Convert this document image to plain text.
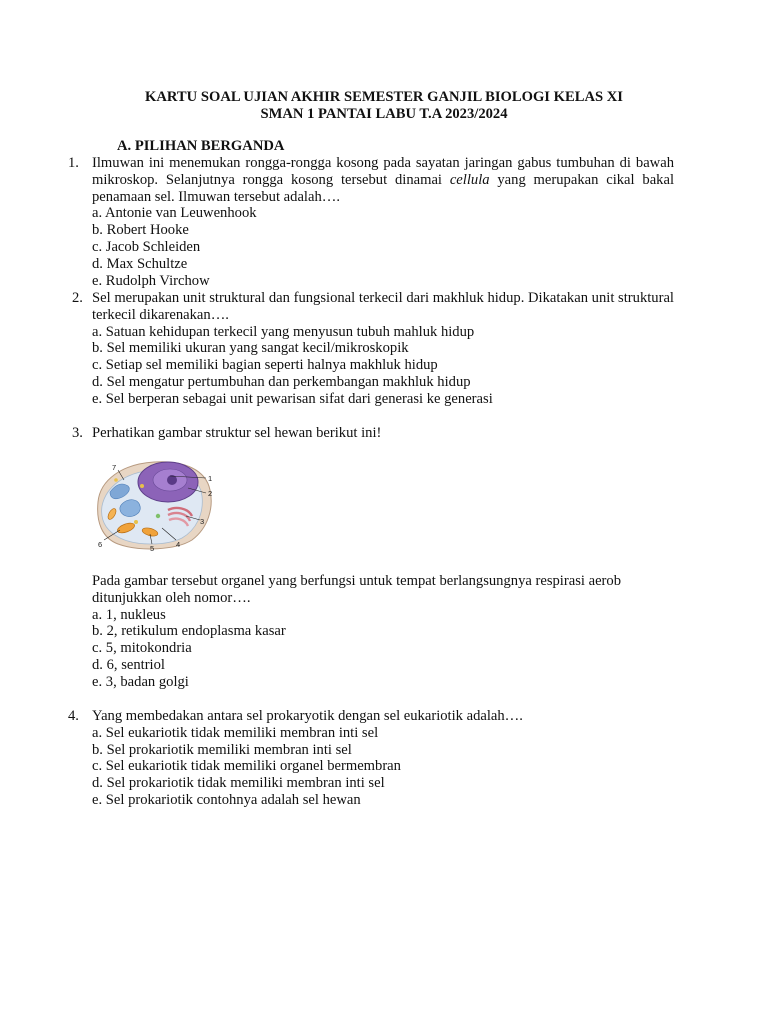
KARTU SOAL UJIAN AKHIR SEMESTER GANJIL BIOLOGI KELAS XI
SMAN 1 PANTAI LABU T.A 2023/2024
A. PILIHAN BERGANDA
1. Ilmuwan ini menemukan rongga-rongga kosong pada sayatan jaringan gabus tumbuhan di bawah mikroskop. Selanjutnya rongga kosong tersebut dinamai cellula yang merupakan cikal bakal penamaan sel. Ilmuwan tersebut adalah….
a. Antonie van Leuwenhook
b. Robert Hooke
c. Jacob Schleiden
d. Max Schultze
e. Rudolph Virchow
2. Sel merupakan unit struktural dan fungsional terkecil dari makhluk hidup. Dikatakan unit struktural terkecil dikarenakan….
a. Satuan kehidupan terkecil yang menyusun tubuh mahluk hidup
b. Sel memiliki ukuran yang sangat kecil/mikroskopik
c. Setiap sel memiliki bagian seperti halnya makhluk hidup
d. Sel mengatur pertumbuhan dan perkembangan makhluk hidup
e. Sel berperan sebagai unit pewarisan sifat dari generasi ke generasi
3. Perhatikan gambar struktur sel hewan berikut ini!
1
2
3
4
5
6
7
Pada gambar tersebut organel yang berfungsi untuk tempat berlangsungnya respirasi aerob ditunjukkan oleh nomor….
a. 1, nukleus
b. 2, retikulum endoplasma kasar
c. 5, mitokondria
d. 6, sentriol
e. 3, badan golgi
4. Yang membedakan antara sel prokaryotik dengan sel eukariotik adalah….
a. Sel eukariotik tidak memiliki membran inti sel
b. Sel prokariotik memiliki membran inti sel
c. Sel eukariotik tidak memiliki organel bermembran
d. Sel prokariotik tidak memiliki membran inti sel
e. Sel prokariotik contohnya adalah sel hewan
